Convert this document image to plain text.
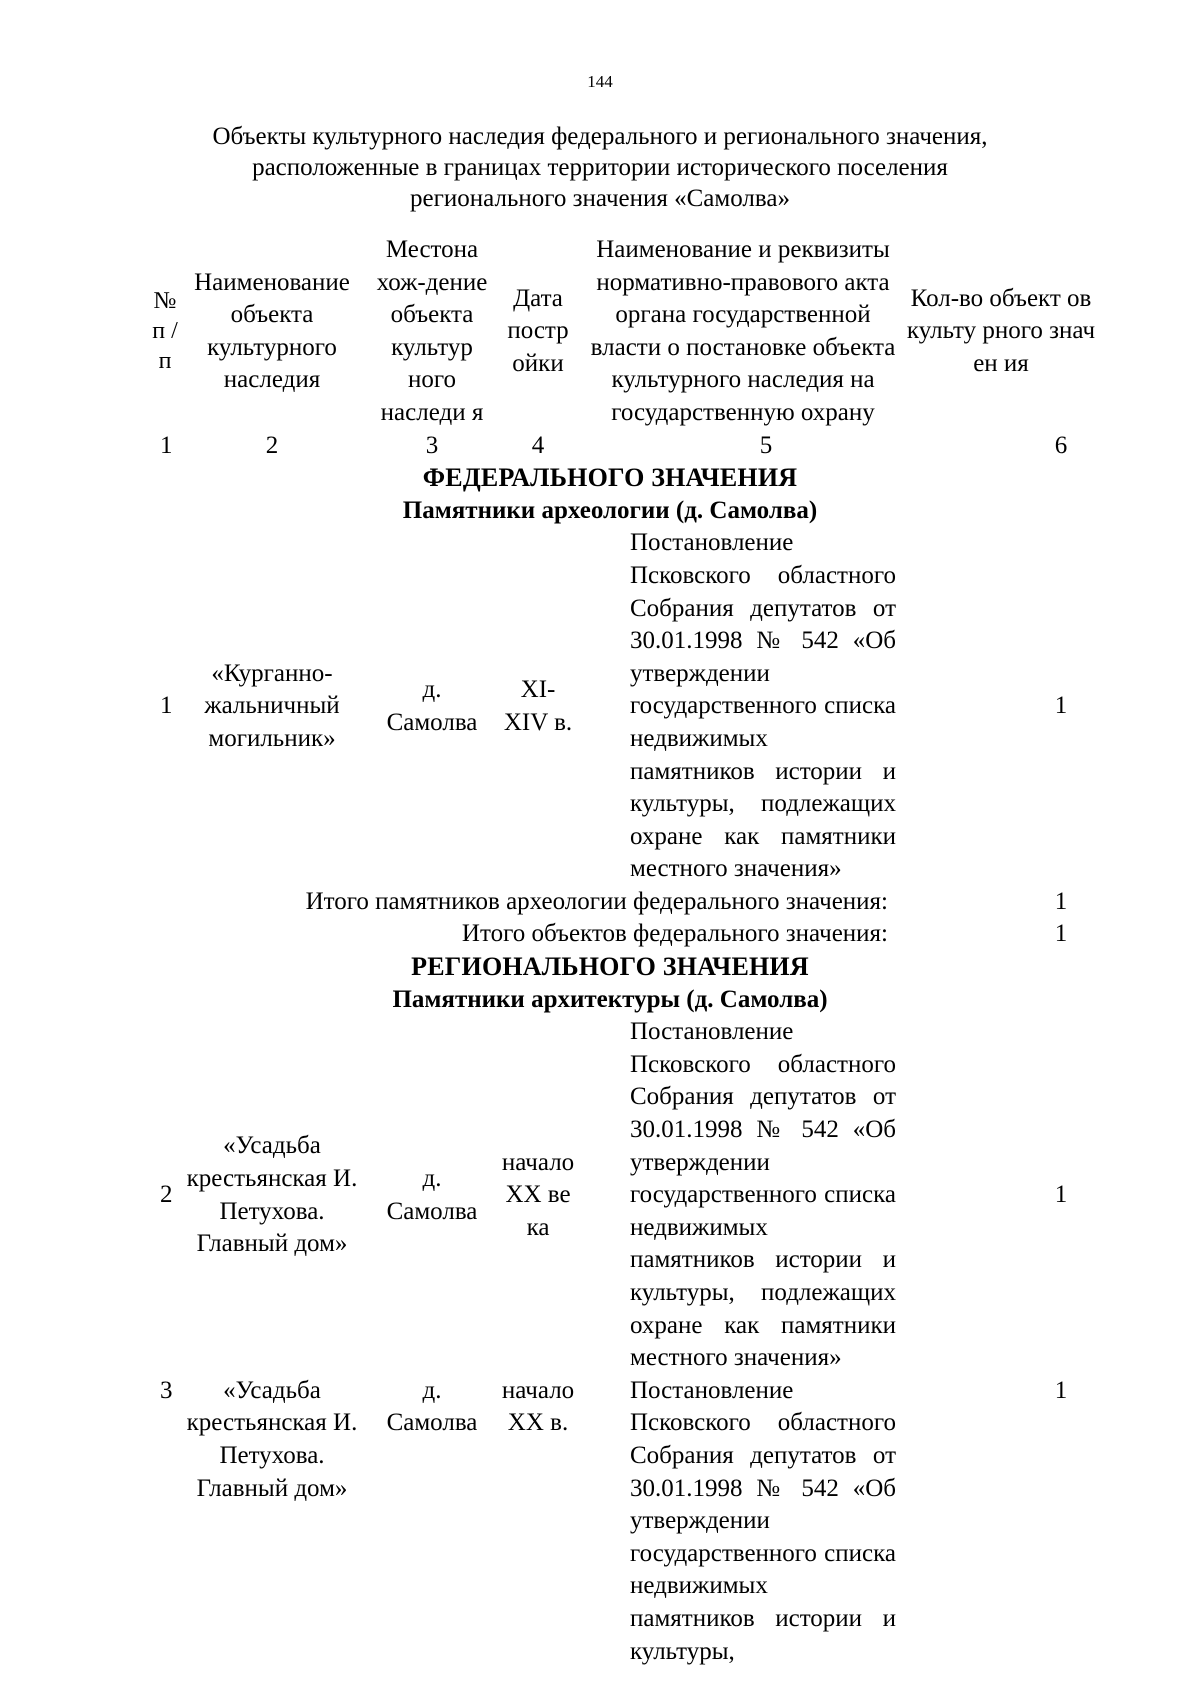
144
Объекты культурного наследия федерального и регионального значения,
расположенные в границах территории исторического поселения
регионального значения «Самолва»
№ п / п	Наименование объекта культурного наследия	Местона хож-дение объекта культур ного наследи я	Дата постр ойки	Наименование и реквизиты нормативно-правового акта органа государственной власти о постановке объекта культурного наследия на государственную охрану	Кол-во объект ов культу рного значен ия
1	2	3	4	5	6
ФЕДЕРАЛЬНОГО ЗНАЧЕНИЯ					
Памятники археологии (д. Самолва)					
1	«Курганно-жальничный могильник»	д. Самолва	XI-XIV в.	Постановление Псковского областного Собрания депутатов от 30.01.1998 № 542 «Об утверждении государственного списка недвижимых памятников истории и культуры, подлежащих охране как памятники местного значения»	1
Итого памятников археологии федерального значения:					1
Итого объектов федерального значения:					1
РЕГИОНАЛЬНОГО ЗНАЧЕНИЯ					
Памятники архитектуры (д. Самолва)					
2	«Усадьба крестьянская И. Петухова. Главный дом»	д. Самолва	начало XX века	Постановление Псковского областного Собрания депутатов от 30.01.1998 № 542 «Об утверждении государственного списка недвижимых памятников истории и культуры, подлежащих охране как памятники местного значения»	1
3	«Усадьба крестьянская И. Петухова. Главный дом»	д. Самолва	начало XX в.	Постановление Псковского областного Собрания депутатов от 30.01.1998 № 542 «Об утверждении государственного списка недвижимых памятников истории и культуры,	1
